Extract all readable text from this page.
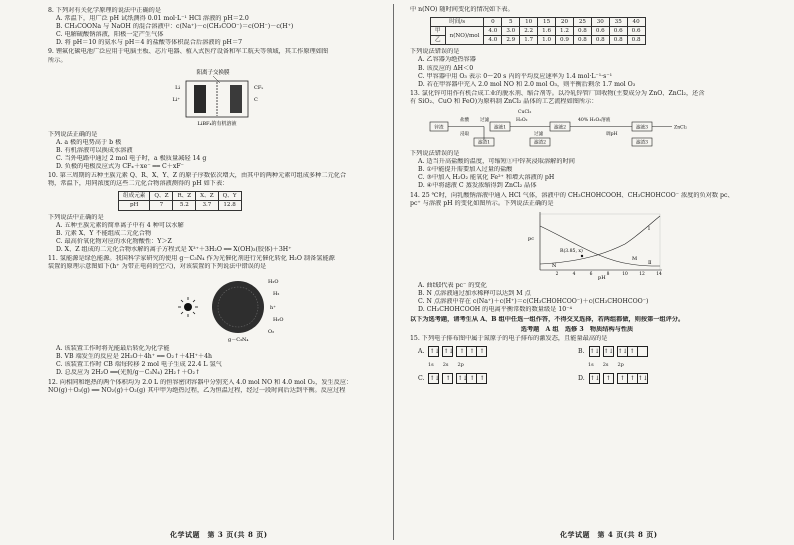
8. 下列对有关化学原理的说法中正确的是
A. 常温下，用广泛 pH 试纸测得 0.01 mol·L⁻¹ HCl 溶液的 pH＝2.0
B. CH₃COONa 与 NaOH 的混合溶液中：c(Na⁺)－c(CH₃COO⁻)＝c(OH⁻)－c(H⁺)
C. 电解硫酸钠溶液，阳极一定产生气体
D. 将 pH＝10 的氨水与 pH＝4 的盐酸等体积混合后溶液的 pH＝7
9. 锂氟化碳电池广泛应用于电脑主板、芯片电器、植入式医疗设备和军工航天等领域，其工作原理如图
所示。
阳离子交换膜
Li
Li⁺
CFₓ
C
LiBF₄的有机溶液
下列说法正确的是
A. a 极的电势高于 b 极
B. 有机溶液可以换成水溶液
C. 当外电路中通过 2 mol 电子时，a 极质量减轻 14 g
D. 负极的电极反应式为 CFₓ＋xe⁻ ══ C＋xF⁻
10. 第三周期的五种主族元素 Q、R、X、Y、Z 的原子序数依次增大，由其中的两种元素可组成多种二元化合
物，常温下，用同浓度的这些二元化合物溶液测得的 pH 如下表：
组成元素	Q、Z	R、Z	X、Z	Q、Y
pH	7	5.2	3.7	12.8
下列说法中正确的是
A. 五种主族元素的简单离子中有 4 种可以水解
B. 元素 X、Y 不能组成二元化合物
C. 最高价氧化物对应的水化物酸性：Y＞Z
D. X、Z 组成的二元化合物水解的离子方程式是 X³⁺＋3H₂O ══ X(OH)₃(胶体)＋3H⁺
11. 氢能源是绿色能源。我国科学家研究的使用 g－C₃N₄ 作为光催化剂进行光催化转化 H₂O 制备氢能源
装置的原理示意图如下(h⁺ 为带正电荷的空穴)，对该装置的下列说法中错误的是
H₂O
H₂
h⁺
H₂O
O₂
g－C₃N₄
A. 该装置工作时将光能最后转化为化学能
B. VB 端发生的反应是 2H₂O＋4h⁺ ══ O₂↑＋4H⁺＋4h
C. 该装置工作时 CB 端每转移 2 mol 电子生成 22.4 L 氢气
D. 总反应为 2H₂O ══(光照/g－C₃N₄) 2H₂↑＋O₂↑
12. 向相同和绝热的两个体积均为 2.0 L 的恒容密闭容器中分别充入 4.0 mol NO 和 4.0 mol O₂，发生反应：
NO(g)＋O₃(g) ══ NO₂(g)＋O₂(g) 其中甲为绝热过程，乙为恒温过程，经过一段时间后达到平衡。反应过程
化学试题　第 3 页(共 8 页)
中 n(NO) 随时间变化的情况如下表。
时间/s		0	5	10	15	20	25	30	35	40
甲	n(NO)/mol	4.0	3.0	2.2	1.6	1.2	0.8	0.6	0.6	0.6
乙		4.0	2.9	1.7	1.0	0.9	0.8	0.8	0.8	0.8
下列说法错误的是
A. 乙容器为绝热容器
B. 该反应的 ΔH＜0
C. 甲容器中用 O₃ 表示 0～20 s 内的平均反应速率为 1.4 mol·L⁻¹·s⁻¹
D. 若在甲容器中充入 2.0 mol NO 和 2.0 mol O₃，则平衡后剩余 1.7 mol O₃
13. 氯化锌可用作有机合成工业的脱水剂、缩合剂等。以冷轧锌管厂回收物(主要成分为 ZnO、ZnCl₂，还含
有 SiO₂、CuO 和 FeO)为原料制 ZnCl₂ 晶体的工艺流程如图所示：
锌渣
盐酸
浸取
过滤
滤液1
滤渣1
H₂O₂
过滤
CuCl₂
滤液2
滤渣2
40% H₂O₂溶液
调pH
滤液3
滤渣3
ZnCl₂
下列说法错误的是
A. 适当升高盐酸的温度，可缩短①中锌灰浸取溶解的时间
B. ①中能提升需要加入过量的盐酸
C. ③中加入 H₂O₂ 能氧化 Fe²⁺ 和增大溶液的 pH
D. ④中将滤液 C 蒸发浓缩得到 ZnCl₂ 晶体
14. 25 ℃时，向乳酸钠溶液中通入 HCl 气体，溶液中的 CH₃CHOHCOOH、CH₃CHOHCOO⁻ 浓度的负对数 pc、
pc⁺ 与溶液 pH 的变化如图所示。下列说法正确的是
R(3.85, x)
pc
pH
Ⅰ
Ⅱ
M
N
2	4	6	8	10	12	14
A. 曲线Ⅰ代表 pc⁻ 的变化
B. N 点溶液通过加水稀释可以达到 M 点
C. N 点溶液中存在 c(Na⁺)＋c(H⁺)＝c(CH₃CHOHCOO⁻)＋c(CH₃CHOHCOO⁻)
D. CH₃CHOHCOOH 的电离平衡常数的数量级是 10⁻⁴
以下为选考题，请考生从 A、B 组中任选一组作答，不得交叉选择，若两组都做，则按第一组评分。
选考题　A 组　选修 3　物质结构与性质
15. 下列电子排布图中属于氮原子的电子排布的激发态，且能量最高的是
A. ↑↓ ↑↓ ↑ ↑ ↑	B. ↑↓ ↑↓ ↑↓ ↑
1s 2s 2p	1s 2s 2p
C. ↑↓ ↑	↑↓ ↑ ↑	D. ↑↓ ↑	↑ ↑ ↑↓
化学试题　第 4 页(共 8 页)
